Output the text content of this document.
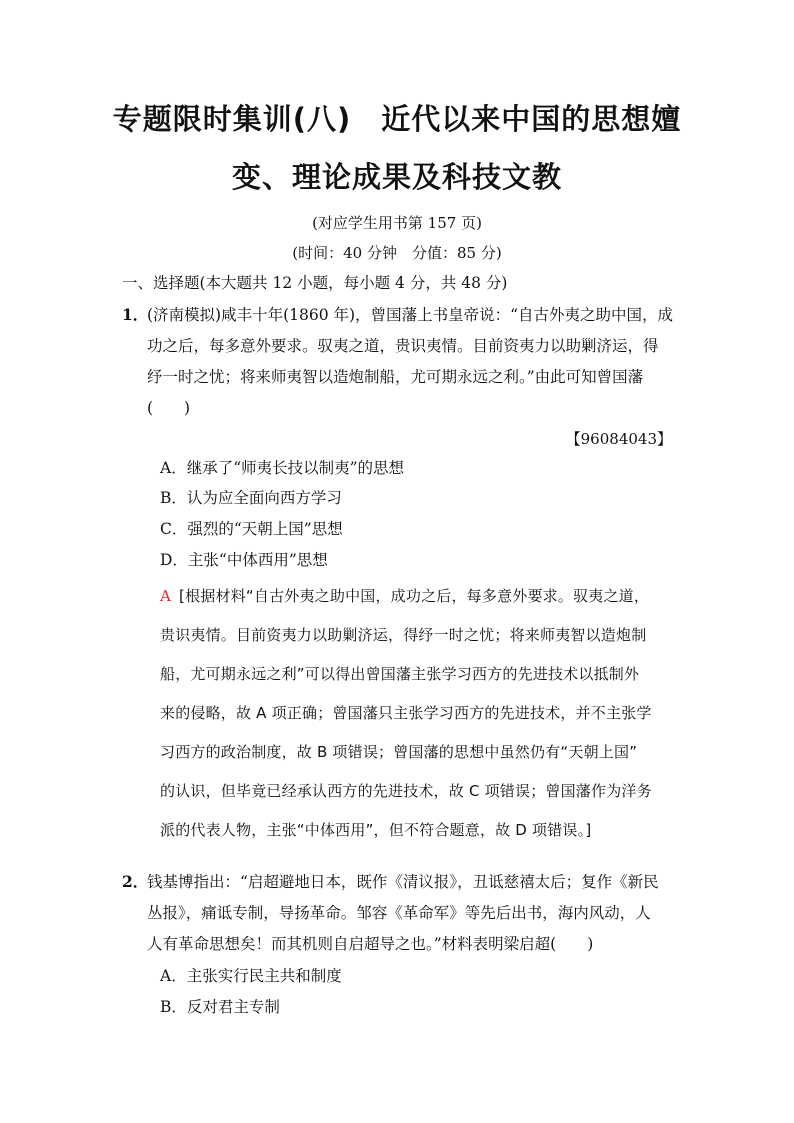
专题限时集训(八)　近代以来中国的思想嬗
变、理论成果及科技文教
(对应学生用书第 157 页)
(时间：40 分钟　分值：85 分)
一、选择题(本大题共 12 小题，每小题 4 分，共 48 分)
1．
(济南模拟)咸丰十年(1860 年)，曾国藩上书皇帝说：“自古外夷之助中国，成
功之后，每多意外要求。驭夷之道，贵识夷情。目前资夷力以助剿济运，得
纾一时之忧；将来师夷智以造炮制船，尤可期永远之利。”由此可知曾国藩
(　　)
【96084043】
A．继承了“师夷长技以制夷”的思想
B．认为应全面向西方学习
C．强烈的“天朝上国”思想
D．主张“中体西用”思想
A [根据材料“自古外夷之助中国，成功之后，每多意外要求。驭夷之道，
贵识夷情。目前资夷力以助剿济运，得纾一时之忧；将来师夷智以造炮制
船，尤可期永远之利”可以得出曾国藩主张学习西方的先进技术以抵制外
来的侵略，故 A 项正确；曾国藩只主张学习西方的先进技术，并不主张学
习西方的政治制度，故 B 项错误；曾国藩的思想中虽然仍有“天朝上国”
的认识，但毕竟已经承认西方的先进技术，故 C 项错误；曾国藩作为洋务
派的代表人物，主张“中体西用”，但不符合题意，故 D 项错误。]
2．
钱基博指出：“启超避地日本，既作《清议报》，丑诋慈禧太后；复作《新民
丛报》，痛诋专制，导扬革命。邹容《革命军》等先后出书，海内风动，人
人有革命思想矣！而其机则自启超导之也。”材料表明梁启超(　　)
A．主张实行民主共和制度
B．反对君主专制
